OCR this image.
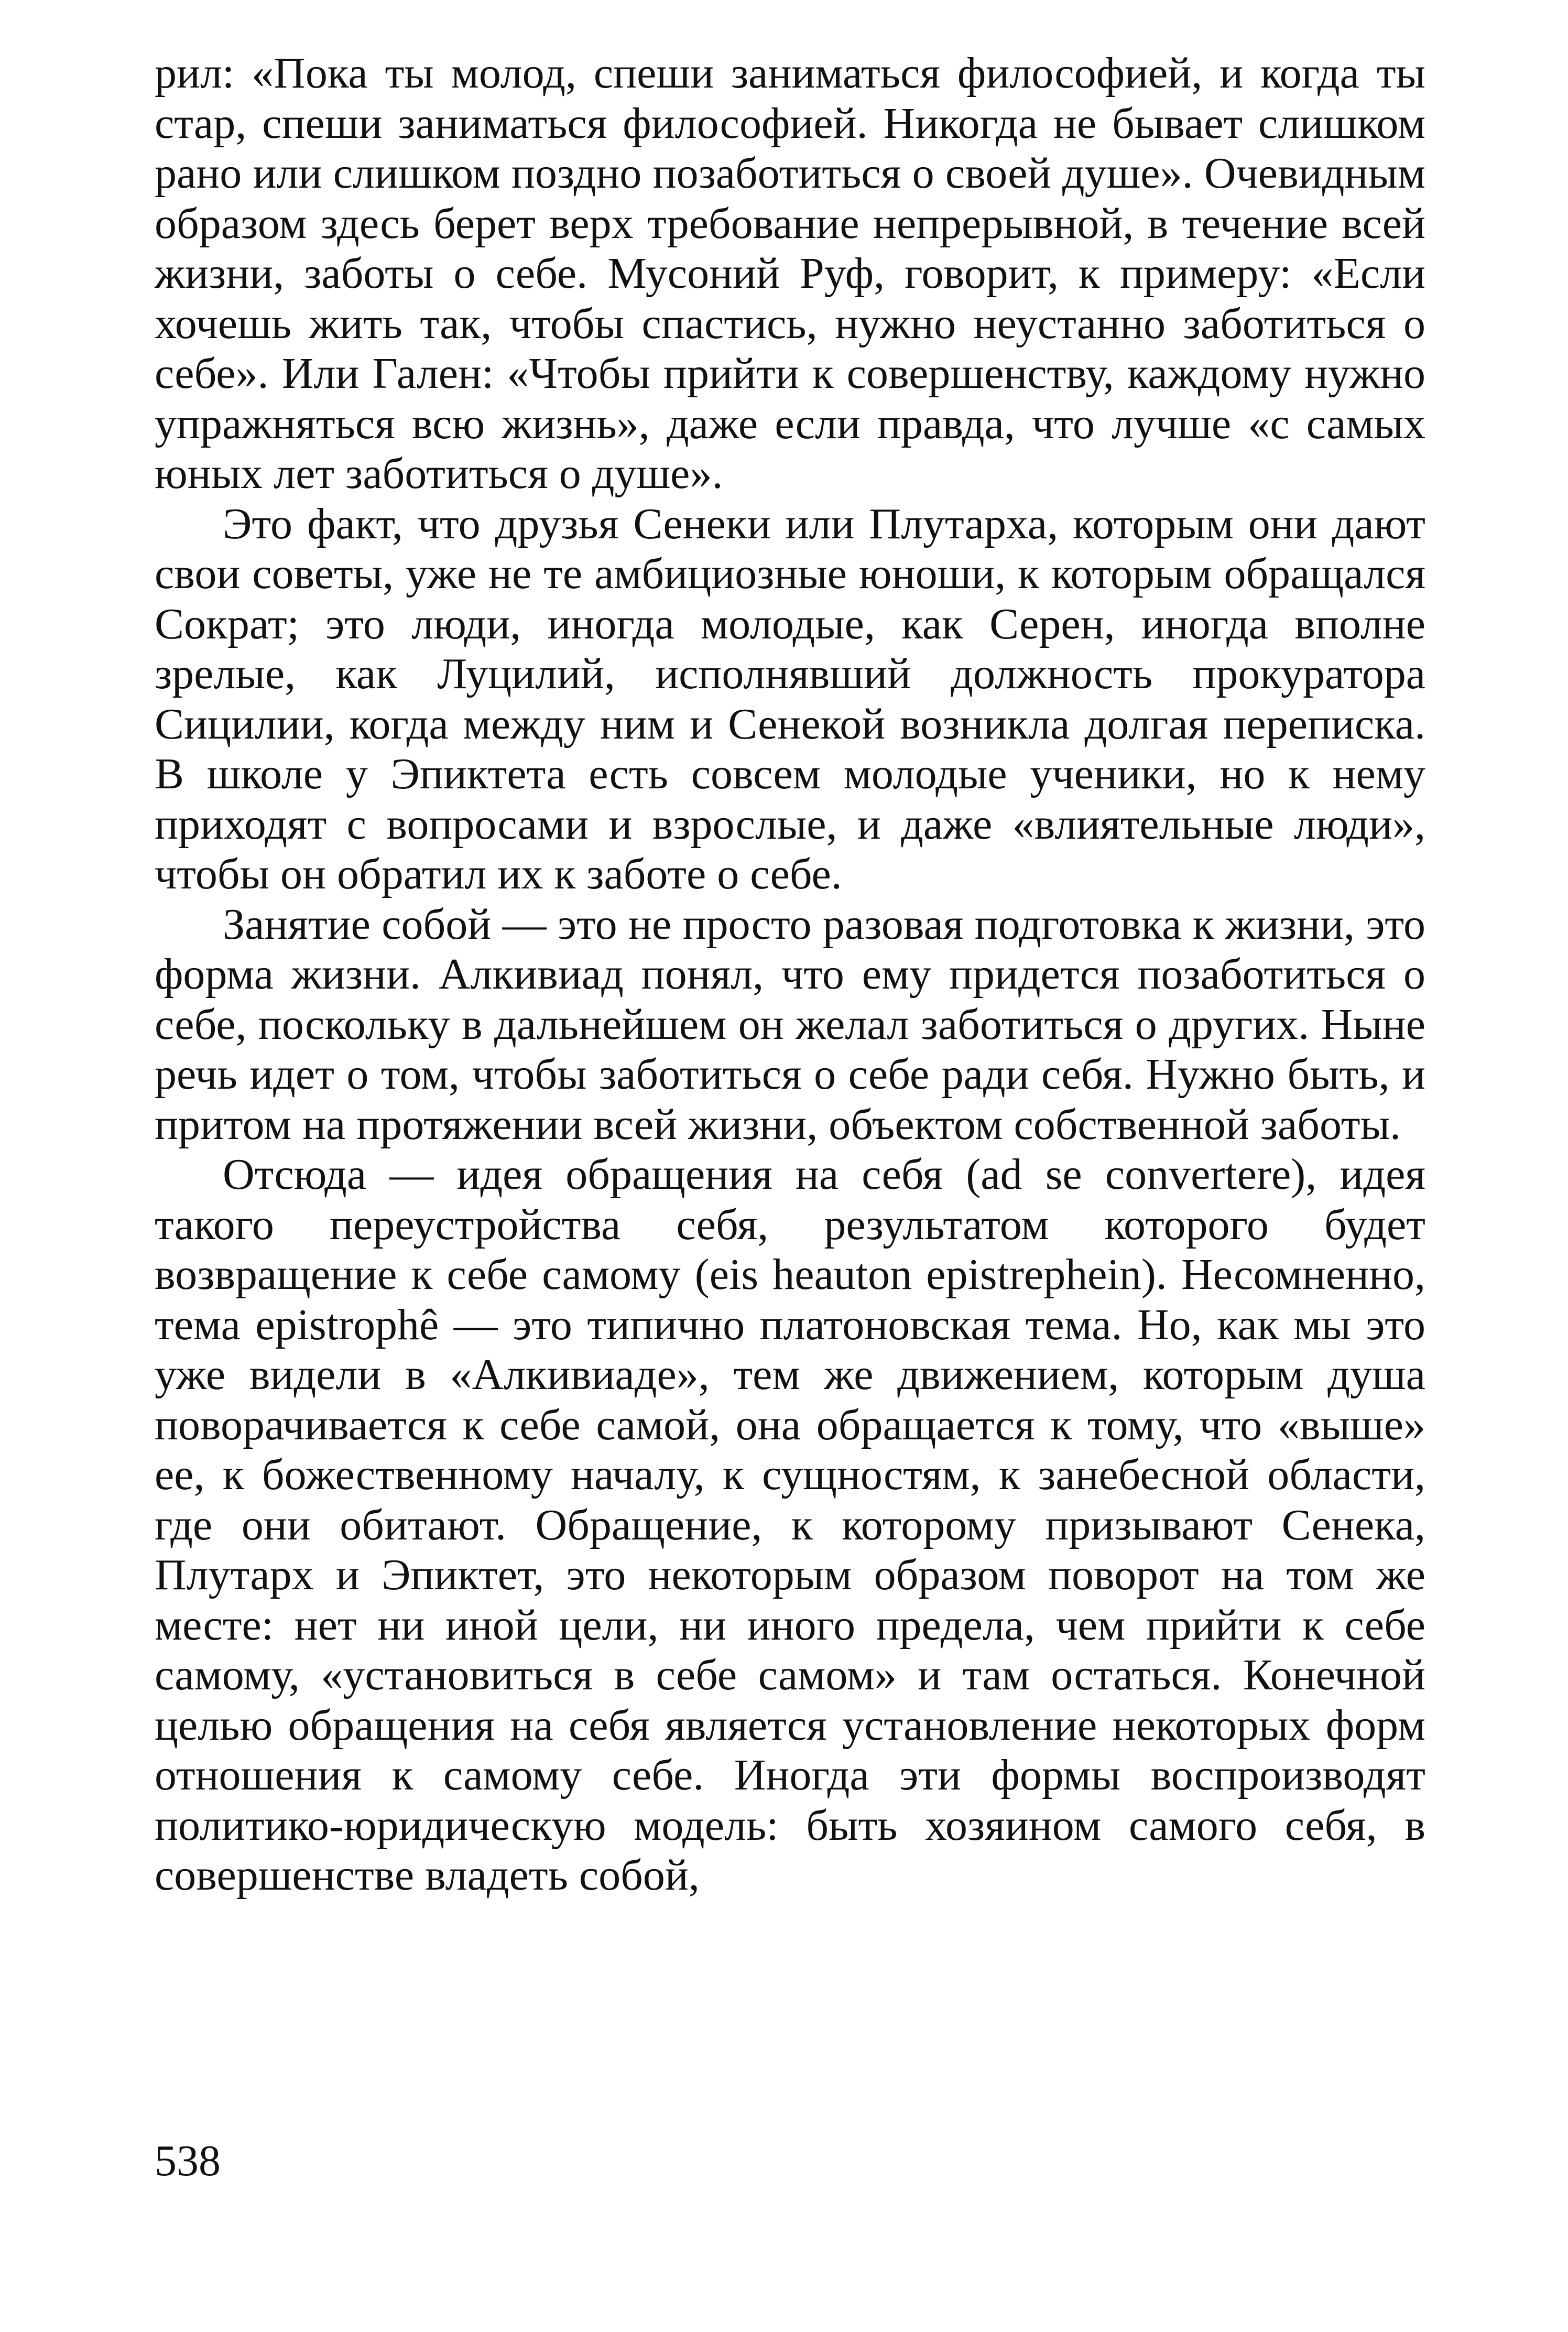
рил: «Пока ты молод, спеши заниматься философией, и когда ты стар, спеши заниматься философией. Никогда не бывает слишком рано или слишком поздно позаботиться о своей душе». Очевидным образом здесь берет верх требование непрерывной, в течение всей жизни, заботы о себе. Мусоний Руф, говорит, к примеру: «Если хочешь жить так, чтобы спастись, нужно неустанно заботиться о себе». Или Гален: «Чтобы прийти к совершенству, каждому нужно упражняться всю жизнь», даже если правда, что лучше «с самых юных лет заботиться о душе».

Это факт, что друзья Сенеки или Плутарха, которым они дают свои советы, уже не те амбициозные юноши, к которым обращался Сократ; это люди, иногда молодые, как Серен, иногда вполне зрелые, как Луцилий, исполнявший должность прокуратора Сицилии, когда между ним и Сенекой возникла долгая переписка. В школе у Эпиктета есть совсем молодые ученики, но к нему приходят с вопросами и взрослые, и даже «влиятельные люди», чтобы он обратил их к заботе о себе.

Занятие собой — это не просто разовая подготовка к жизни, это форма жизни. Алкивиад понял, что ему придется позаботиться о себе, поскольку в дальнейшем он желал заботиться о других. Ныне речь идет о том, чтобы заботиться о себе ради себя. Нужно быть, и притом на протяжении всей жизни, объектом собственной заботы.

Отсюда — идея обращения на себя (ad se convertere), идея такого переустройства себя, результатом которого будет возвращение к себе самому (eis heauton epistrephein). Несомненно, тема epistrophê — это типично платоновская тема. Но, как мы это уже видели в «Алкивиаде», тем же движением, которым душа поворачивается к себе самой, она обращается к тому, что «выше» ее, к божественному началу, к сущностям, к занебесной области, где они обитают. Обращение, к которому призывают Сенека, Плутарх и Эпиктет, это некоторым образом поворот на том же месте: нет ни иной цели, ни иного предела, чем прийти к себе самому, «установиться в себе самом» и там остаться. Конечной целью обращения на себя является установление некоторых форм отношения к самому себе. Иногда эти формы воспроизводят политико-юридическую модель: быть хозяином самого себя, в совершенстве владеть собой,

538
